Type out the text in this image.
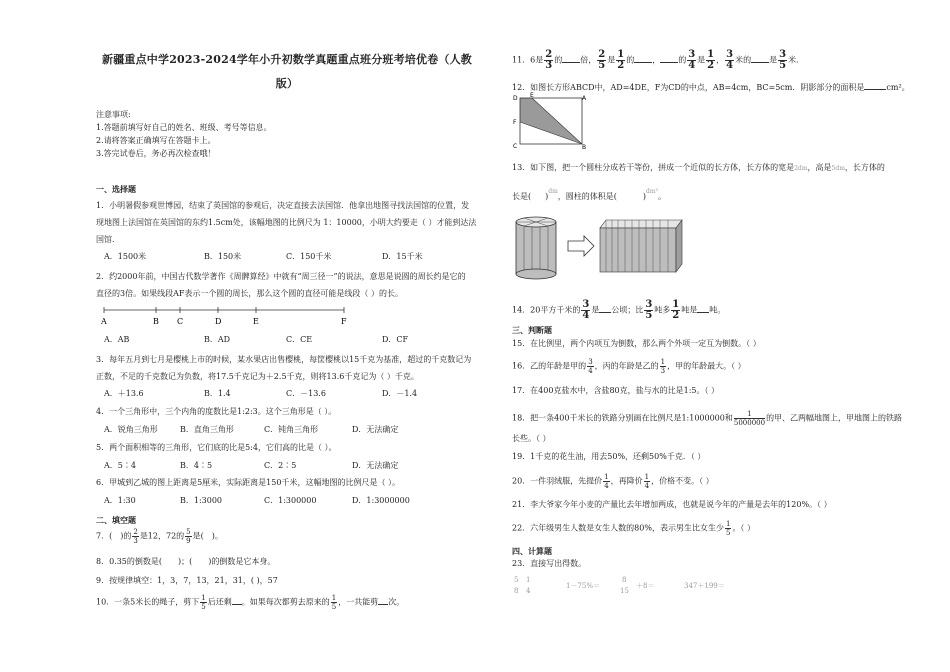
新疆重点中学2023-2024学年小升初数学真题重点班分班考培优卷（人教
版）
注意事项:
1.答题前填写好自己的姓名、班级、考号等信息。
2.请将答案正确填写在答题卡上。
3.答完试卷后，务必再次检查哦！
一、选择题
1．小明暑假参观世博园，结束了英国馆的参观后，决定直接去法国馆．他拿出地图寻找法国馆的位置，发
现地图上法国馆在英国馆的东约1.5cm处，该幅地图的比例尺为 1：10000，小明大约要走（ ）才能到达法
国馆.
A．1500米	B．150米	C．150千米	D．15千米
2．约2000年前，中国古代数学著作《周髀算经》中就有“周三径一”的说法，意思是说圆的周长约是它的
直径的3倍。如果线段AF表示一个圆的周长，那么这个圆的直径可能是线段（ ）的长。
A	B C	D	E	F
A．AB	B．AD	C．CE	D．CF
3．每年五月到七月是樱桃上市的时候，某水果店出售樱桃，每筐樱桃以15千克为基准，超过的千克数记为
正数，不足的千克数记为负数，将17.5千克记为＋2.5千克，则将13.6千克记为（ ）千克。
A．＋13.6	B．1.4	C．－13.6	D．－1.4
4．一个三角形中，三个内角的度数比是1:2:3。这个三角形是（ ）。
A．锐角三角形	B．直角三角形	C．钝角三角形	D．无法确定
5．两个面积相等的三角形，它们底的比是5:4，它们高的比是（ ）。
A．5∶4	B．4∶5	C．2∶5	D．无法确定
6．甲城到乙城的图上距离是5厘米，实际距离是150千米，这幅地图的比例尺是（ ）。
A．1:30	B．1:3000	C．1:300000	D．1:3000000
二、填空题
7．( )的 $\frac{2}{3}$ 是12，72的 $\frac{5}{9}$ 是( )。
8．0.35的倒数是(　　)；(　　)的倒数是它本身。
9．按规律填空：1，3，7，13，21，31，( )，57
10．一条5米长的绳子，剪下 $\frac{1}{5}$ 后还剩 。如果每次都剪去原来的 $\frac{1}{5}$ ，一共能剪 次。
11．6是 $\frac{2}{3}$ 的 倍， $\frac{2}{5}$ 是 $\frac{1}{2}$ 的 ， 的 $\frac{3}{4}$ 是 $\frac{1}{2}$ ， $\frac{3}{4}$ 米的 是 $\frac{3}{5}$ 米.
12．如图长方形ABCD中，AD=4DE，F为CD的中点，AB=4cm，BC=5cm．阴影部分的面积是	cm²。
D E	A
F
C	B
13．如下图，把一个圆柱分成若干等份，拼成一个近似的长方体，长方体的宽是2dm，高是5dm，长方体的
长是( )$^{dm}$，圆柱的体积是(	)$^{dm^3}$。
14．20平方千米的 $\frac{3}{4}$ 是 公顷；比 $\frac{3}{5}$ 吨多 $\frac{1}{2}$ 吨是 吨。
三、判断题
15．在比例里，两个内项互为倒数，那么两个外项一定互为倒数。（ ）
16．乙的年龄是甲的 $\frac{3}{4}$ ，丙的年龄是乙的 $\frac{1}{3}$ ，甲的年龄最大。（ ）
17．在400克盐水中，含盐80克，盐与水的比是1:5。（ ）
18．把一条400千米长的铁路分别画在比例尺是1:1000000和 $\frac{1}{5000000}$ 的甲、乙两幅地图上，甲地图上的铁路
长些。（ ）
19．1千克的花生油，用去50%，还剩50%千克．（ ）
20．一件羽绒服，先提价 $\frac{1}{4}$ ，再降价 $\frac{1}{4}$ ，价格不变。（ ）
21．李大爷家今年小麦的产量比去年增加两成，也就是说今年的产量是去年的120%。（ ）
22．六年级男生人数是女生人数的80%，表示男生比女生少 $\frac{1}{5}$ 。（ ）
四、计算题
23．直接写出得数。
5
8
1
4
1－75%＝
8
15
＋8＝	347＋199＝
